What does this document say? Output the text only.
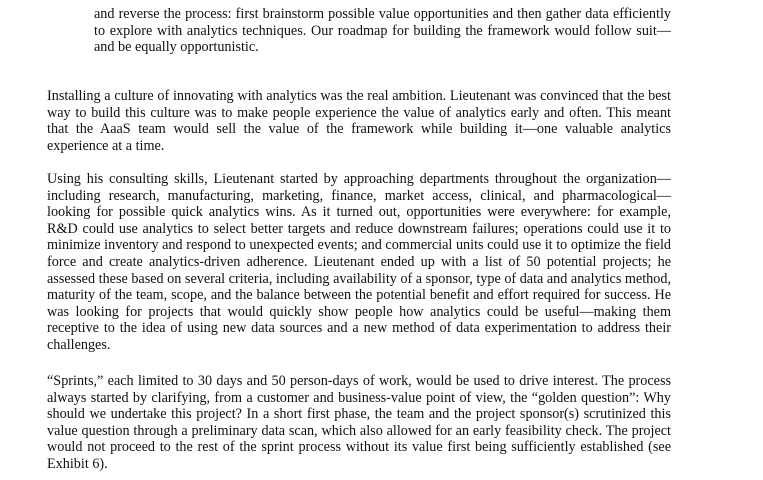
and reverse the process: first brainstorm possible value opportunities and then gather data efficiently to explore with analytics techniques. Our roadmap for building the framework would follow suit—and be equally opportunistic.

Installing a culture of innovating with analytics was the real ambition. Lieutenant was convinced that the best way to build this culture was to make people experience the value of analytics early and often. This meant that the AaaS team would sell the value of the framework while building it—one valuable analytics experience at a time.

Using his consulting skills, Lieutenant started by approaching departments throughout the organization—including research, manufacturing, marketing, finance, market access, clinical, and pharmacological—looking for possible quick analytics wins. As it turned out, opportunities were everywhere: for example, R&D could use analytics to select better targets and reduce downstream failures; operations could use it to minimize inventory and respond to unexpected events; and commercial units could use it to optimize the field force and create analytics-driven adherence. Lieutenant ended up with a list of 50 potential projects; he assessed these based on several criteria, including availability of a sponsor, type of data and analytics method, maturity of the team, scope, and the balance between the potential benefit and effort required for success. He was looking for projects that would quickly show people how analytics could be useful—making them receptive to the idea of using new data sources and a new method of data experimentation to address their challenges.

“Sprints,” each limited to 30 days and 50 person-days of work, would be used to drive interest. The process always started by clarifying, from a customer and business-value point of view, the “golden question”: Why should we undertake this project? In a short first phase, the team and the project sponsor(s) scrutinized this value question through a preliminary data scan, which also allowed for an early feasibility check. The project would not proceed to the rest of the sprint process without its value first being sufficiently established (see Exhibit 6).
